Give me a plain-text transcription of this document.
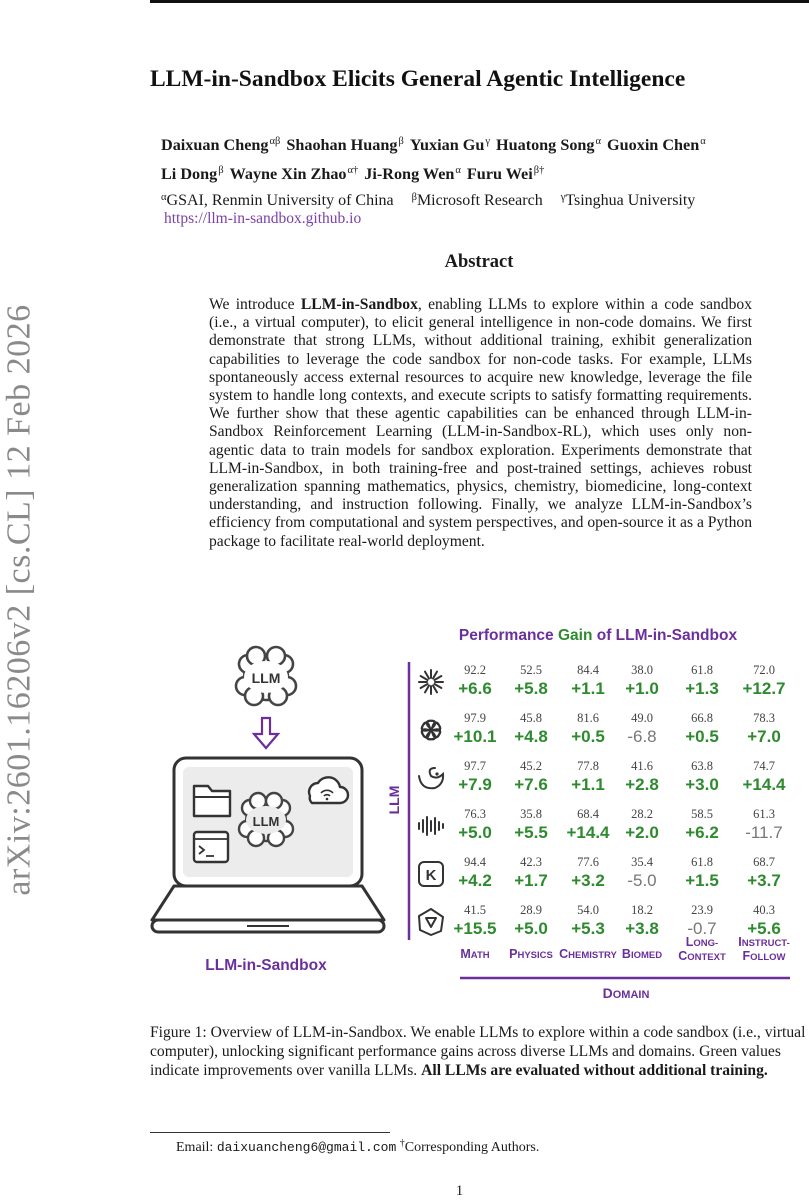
arXiv:2601.16206v2 [cs.CL] 12 Feb 2026
LLM-in-Sandbox Elicits General Agentic Intelligence
Daixuan Cheng$^{\alpha\beta}$ Shaohan Huang$^\beta$ Yuxian $Gu^\gamma$ Huatong Song$^\alpha$ Guoxin Chen$^\alpha$
Li Dong$^\beta$ Wayne Xin Zhao$^{\alpha\dagger}$ Ji-Rong Wen$^\alpha$ Furu Wei$^{\beta\dagger}$
$^\alpha$GSAI, Renmin University of China $^\beta$Microsoft Research $^\gamma$Tsinghua University
https://llm-in-sandbox.github.io
Abstract
We introduce LLM-in-Sandbox, enabling LLMs to explore within a code sandbox (i.e., a virtual computer), to elicit general intelligence in non-code domains. We first demonstrate that strong LLMs, without additional training, exhibit generalization capabilities to leverage the code sandbox for non-code tasks. For example, LLMs spontaneously access external resources to acquire new knowledge, leverage the file system to handle long contexts, and execute scripts to satisfy formatting requirements. We further show that these agentic capabilities can be enhanced through LLM-in-Sandbox Reinforcement Learning (LLM-in-Sandbox-RL), which uses only non-agentic data to train models for sandbox exploration. Experiments demonstrate that LLM-in-Sandbox, in both training-free and post-trained settings, achieves robust generalization spanning mathematics, physics, chemistry, biomedicine, long-context understanding, and instruction following. Finally, we analyze LLM-in-Sandbox’s efficiency from computational and system perspectives, and open-source it as a Python package to facilitate real-world deployment.
LLM
LLM
LLM-in-Sandbox
Performance Gain of LLM-in-Sandbox
LLM
DOMAIN
K
92.2	52.5	84.4	38.0	61.8	72.0
+6.6 +5.8 +1.1 +1.0 +1.3 +12.7
97.9	45.8	81.6	49.0	66.8	78.3
+10.1 +4.8 +0.5 -6.8 +0.5 +7.0
97.7	45.2	77.8	41.6	63.8	74.7
+7.9 +7.6 +1.1 +2.8 +3.0 +14.4
76.3	35.8	68.4	28.2	58.5	61.3
+5.0 +5.5 +14.4 +2.0 +6.2 -11.7
94.4	42.3	77.6	35.4	61.8	68.7
+4.2 +1.7 +3.2 -5.0 +1.5 +3.7
41.5	28.9	54.0	18.2	23.9	40.3
+15.5 +5.0 +5.3 +3.8 -0.7 +5.6
MATH PHYSICS CHEMISTRY BIOMED
LONG-
CONTEXT
INSTRUCT-
FOLLOW
Figure 1: Overview of LLM-in-Sandbox. We enable LLMs to explore within a code sandbox (i.e., virtual computer), unlocking significant performance gains across diverse LLMs and domains. Green values indicate improvements over vanilla LLMs. All LLMs are evaluated without additional training.
Email: daixuancheng6@gmail.com †Corresponding Authors.
1
